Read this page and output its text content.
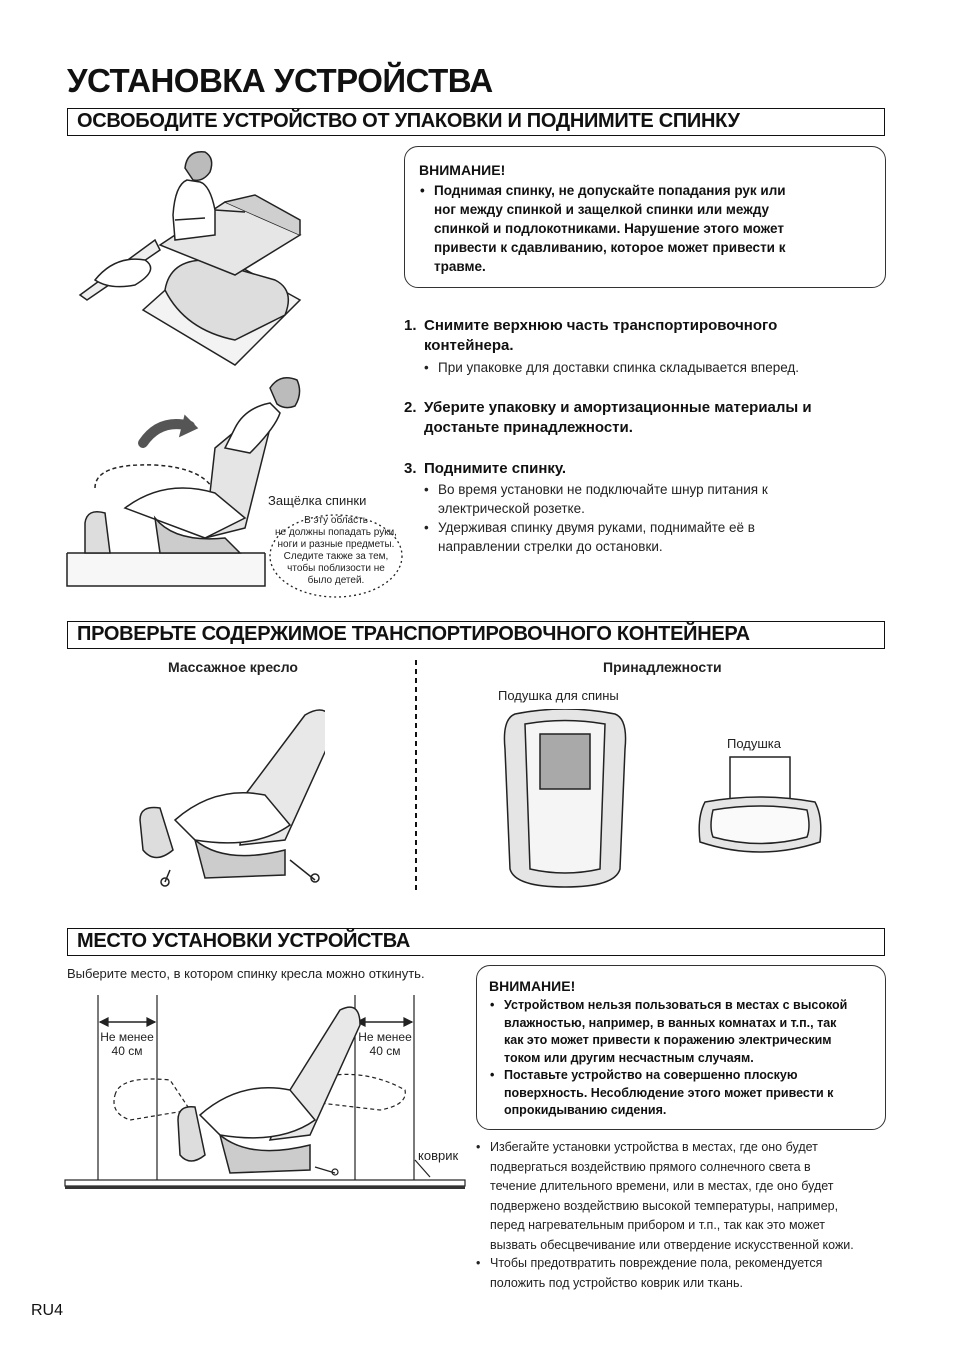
УСТАНОВКА УСТРОЙСТВА
ОСВОБОДИТЕ УСТРОЙСТВО ОТ УПАКОВКИ И ПОДНИМИТЕ СПИНКУ
ПРОВЕРЬТЕ СОДЕРЖИМОЕ ТРАНСПОРТИРОВОЧНОГО КОНТЕЙНЕРА
МЕСТО УСТАНОВКИ УСТРОЙСТВА
Защёлка спинки
В эту область
не должны попадать руки,
ноги и разные предметы.
Следите также за тем,
чтобы поблизости не
было детей.
ВНИМАНИЕ!
• Поднимая спинку, не допускайте попадания рук или
ног между спинкой и защелкой спинки или между
спинкой и подлокотниками. Нарушение этого может
привести к сдавливанию, которое может привести к
травме.
1. Снимите верхнюю часть транспортировочного
контейнера.
• При упаковке для доставки спинка складывается вперед.
2. Уберите упаковку и амортизационные материалы и
достаньте принадлежности.
3. Поднимите спинку.
• Во время установки не подключайте шнур питания к
электрической розетке.
• Удерживая спинку двумя руками, поднимайте её в
направлении стрелки до остановки.
Массажное кресло	Принадлежности
Подушка для спины
Подушка
Выберите место, в котором спинку кресла можно откинуть.
Не менее
40 см
Не менее
40 см
коврик
ВНИМАНИЕ!
• Устройством нельзя пользоваться в местах с высокой
влажностью, например, в ванных комнатах и т.п., так
как это может привести к поражению электрическим
током или другим несчастным случаям.
• Поставьте устройство на совершенно плоскую
поверхность. Несоблюдение этого может привести к
опрокидыванию сидения.
• Избегайте установки устройства в местах, где оно будет
подвергаться воздействию прямого солнечного света в
течение длительного времени, или в местах, где оно будет
подвержено воздействию высокой температуры, например,
перед нагревательным прибором и т.п., так как это может
вызвать обесцвечивание или отвердение искусственной кожи.
• Чтобы предотвратить повреждение пола, рекомендуется
положить под устройство коврик или ткань.
RU4
